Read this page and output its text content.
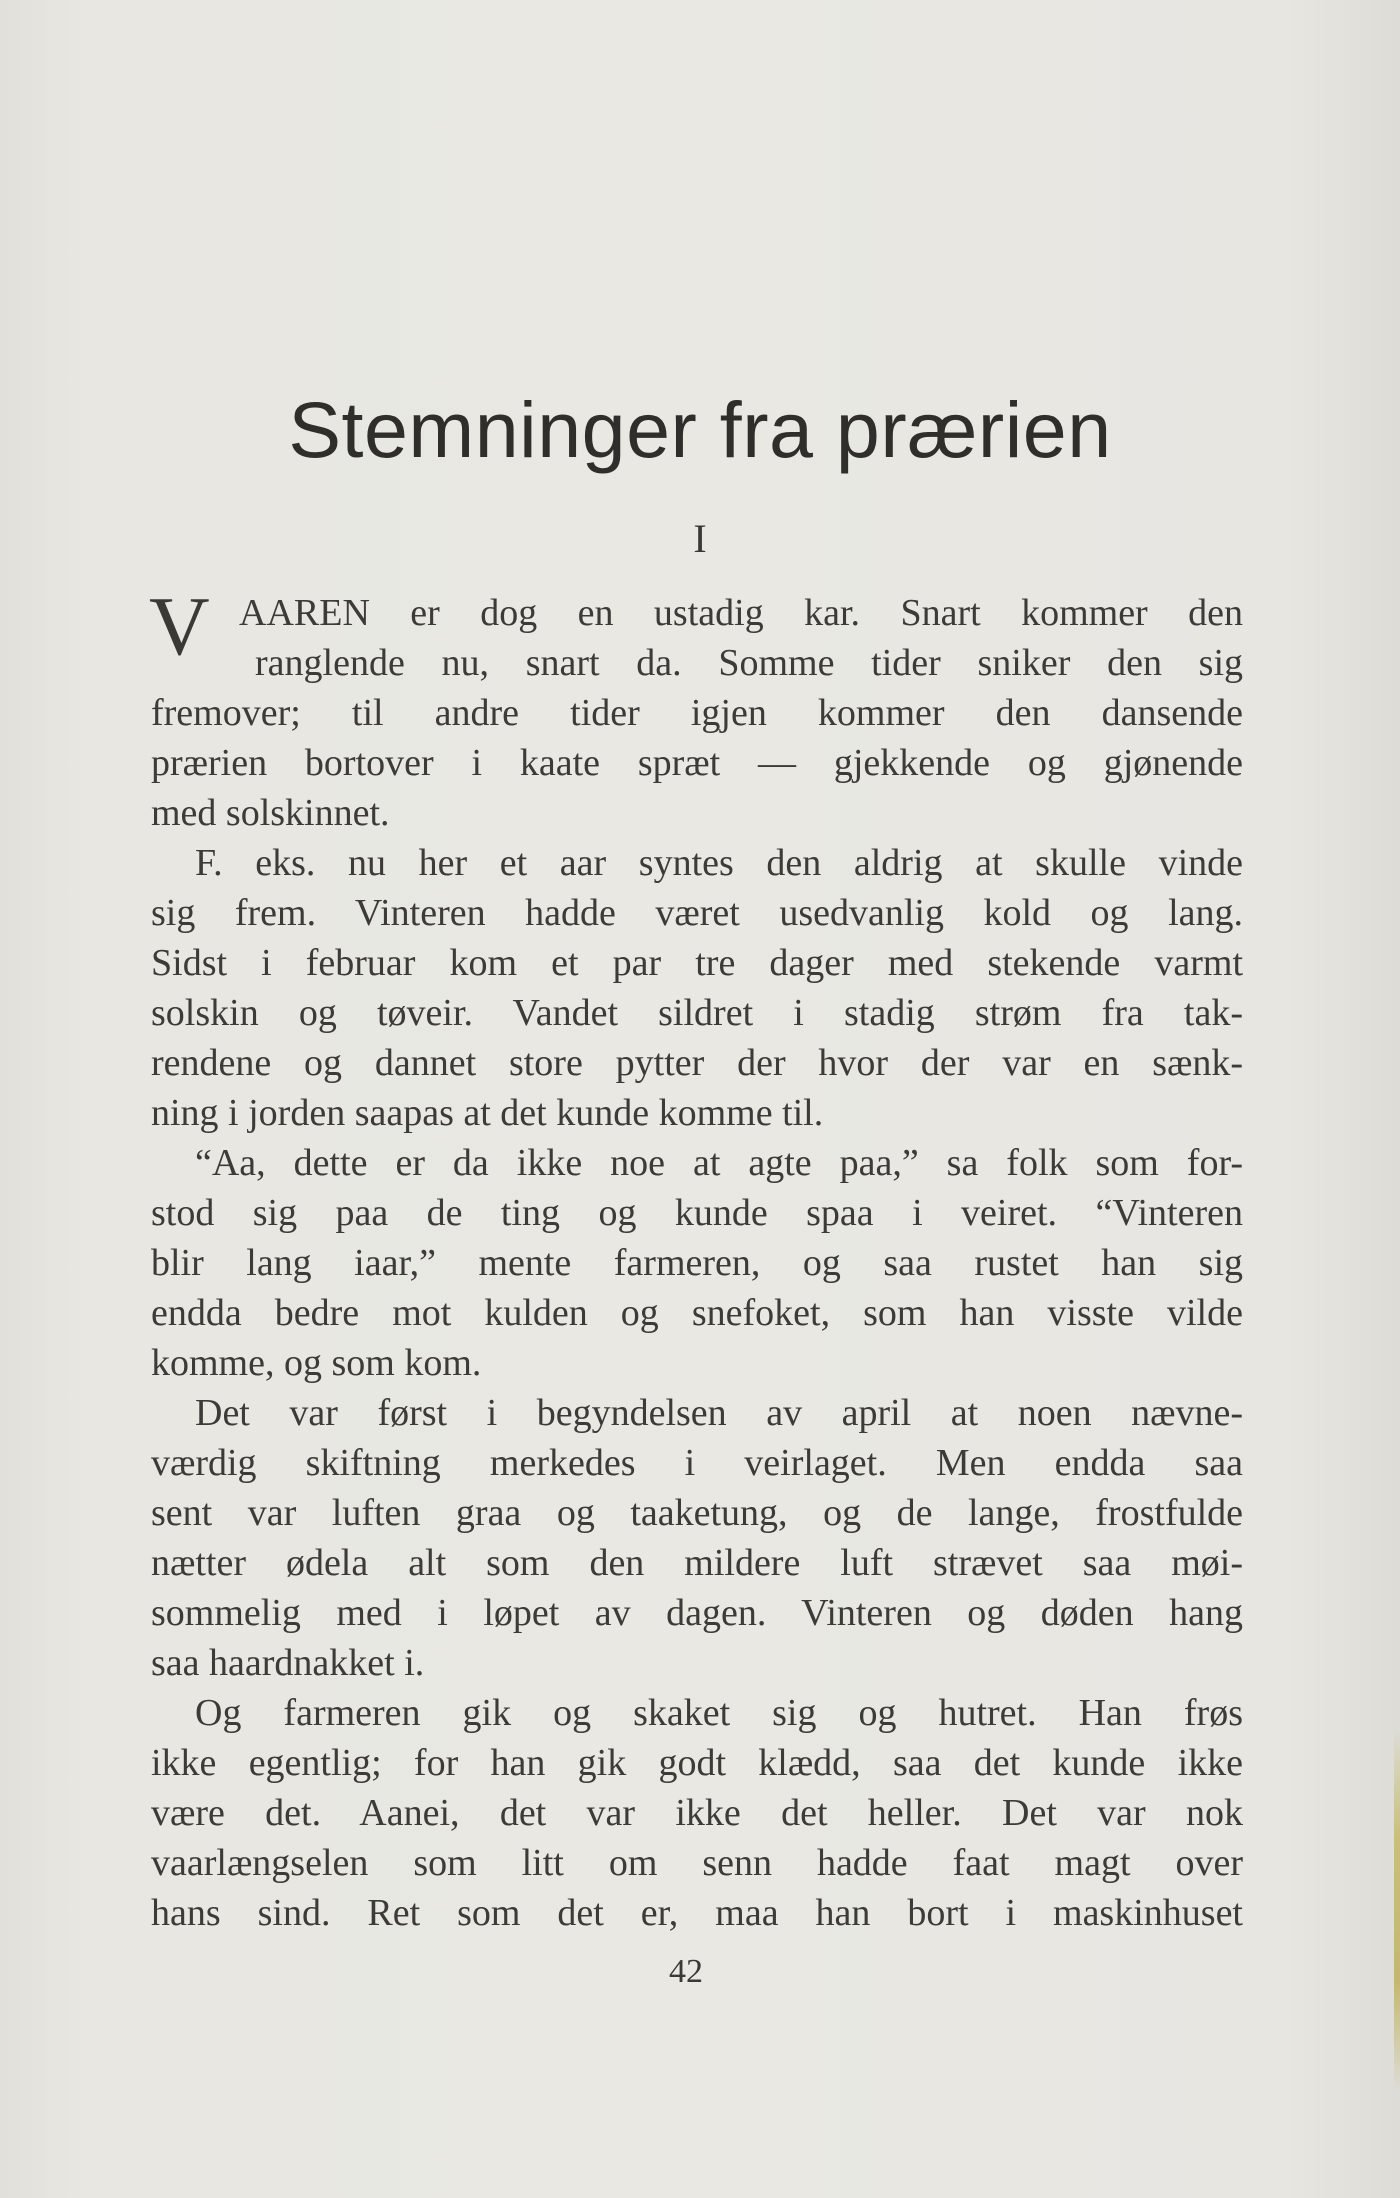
Stemninger fra prærien
I
V AAREN er dog en ustadig kar. Snart kommer den
ranglende nu, snart da. Somme tider sniker den sig
fremover; til andre tider igjen kommer den dansende
prærien bortover i kaate spræt — gjekkende og gjønende
med solskinnet.
F. eks. nu her et aar syntes den aldrig at skulle vinde
sig frem. Vinteren hadde været usedvanlig kold og lang.
Sidst i februar kom et par tre dager med stekende varmt
solskin og tøveir. Vandet sildret i stadig strøm fra tak-
rendene og dannet store pytter der hvor der var en sænk-
ning i jorden saapas at det kunde komme til.
“Aa, dette er da ikke noe at agte paa,” sa folk som for-
stod sig paa de ting og kunde spaa i veiret. “Vinteren
blir lang iaar,” mente farmeren, og saa rustet han sig
endda bedre mot kulden og snefoket, som han visste vilde
komme, og som kom.
Det var først i begyndelsen av april at noen nævne-
værdig skiftning merkedes i veirlaget. Men endda saa
sent var luften graa og taaketung, og de lange, frostfulde
nætter ødela alt som den mildere luft strævet saa møi-
sommelig med i løpet av dagen. Vinteren og døden hang
saa haardnakket i.
Og farmeren gik og skaket sig og hutret. Han frøs
ikke egentlig; for han gik godt klædd, saa det kunde ikke
være det. Aanei, det var ikke det heller. Det var nok
vaarlængselen som litt om senn hadde faat magt over
hans sind. Ret som det er, maa han bort i maskinhuset
42
